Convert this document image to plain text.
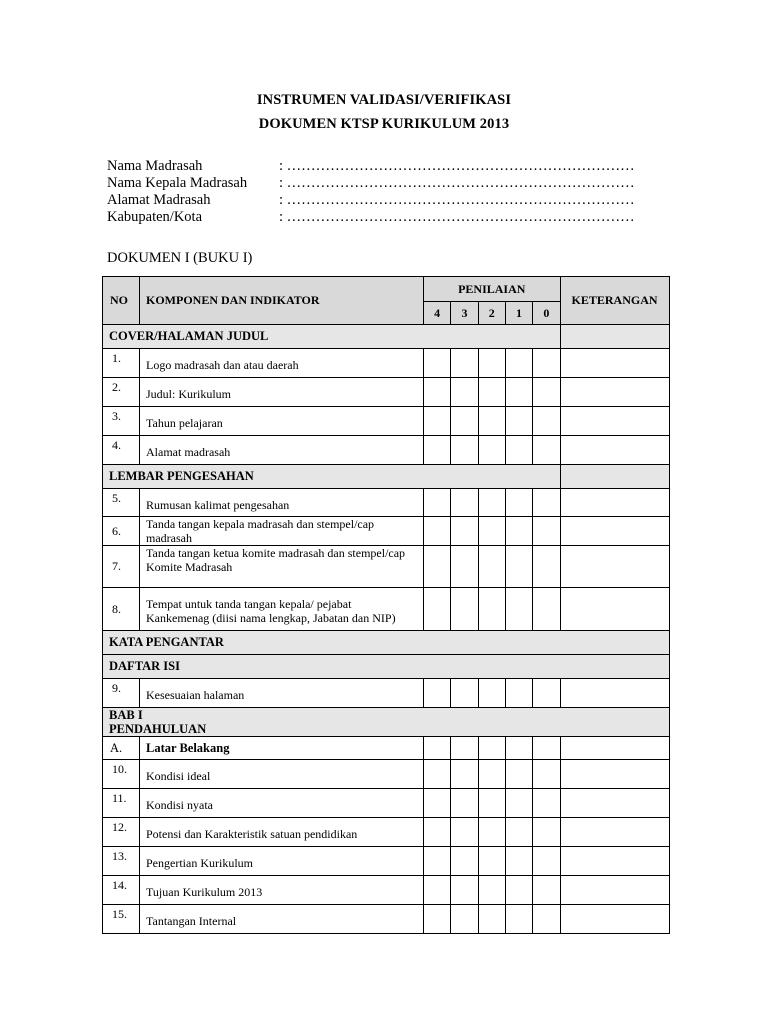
INSTRUMEN VALIDASI/VERIFIKASI
DOKUMEN KTSP KURIKULUM 2013
Nama Madrasah	: ………………………………………………………………
Nama Kepala Madrasah	: ………………………………………………………………
Alamat Madrasah	: ………………………………………………………………
Kabupaten/Kota	: ………………………………………………………………
DOKUMEN I (BUKU I)
NO	KOMPONEN DAN INDIKATOR	PENILAIAN					KETERANGAN
		4	3	2	1	0	
COVER/HALAMAN JUDUL							
1.	Logo madrasah dan atau daerah						
2.	Judul: Kurikulum						
3.	Tahun pelajaran						
4.	Alamat madrasah						
LEMBAR PENGESAHAN							
5.	Rumusan kalimat pengesahan						
6.	Tanda tangan kepala madrasah dan stempel/cap madrasah						
7.	Tanda tangan ketua komite madrasah dan stempel/cap Komite Madrasah						
8.	Tempat untuk tanda tangan kepala/ pejabat Kankemenag (diisi nama lengkap, Jabatan dan NIP)						
KATA PENGANTAR							
DAFTAR ISI							
9.	Kesesuaian halaman						
BAB I
PENDAHULUAN							
A.	Latar Belakang						
10.	Kondisi ideal						
11.	Kondisi nyata						
12.	Potensi dan Karakteristik satuan pendidikan						
13.	Pengertian Kurikulum						
14.	Tujuan Kurikulum 2013						
15.	Tantangan Internal						
